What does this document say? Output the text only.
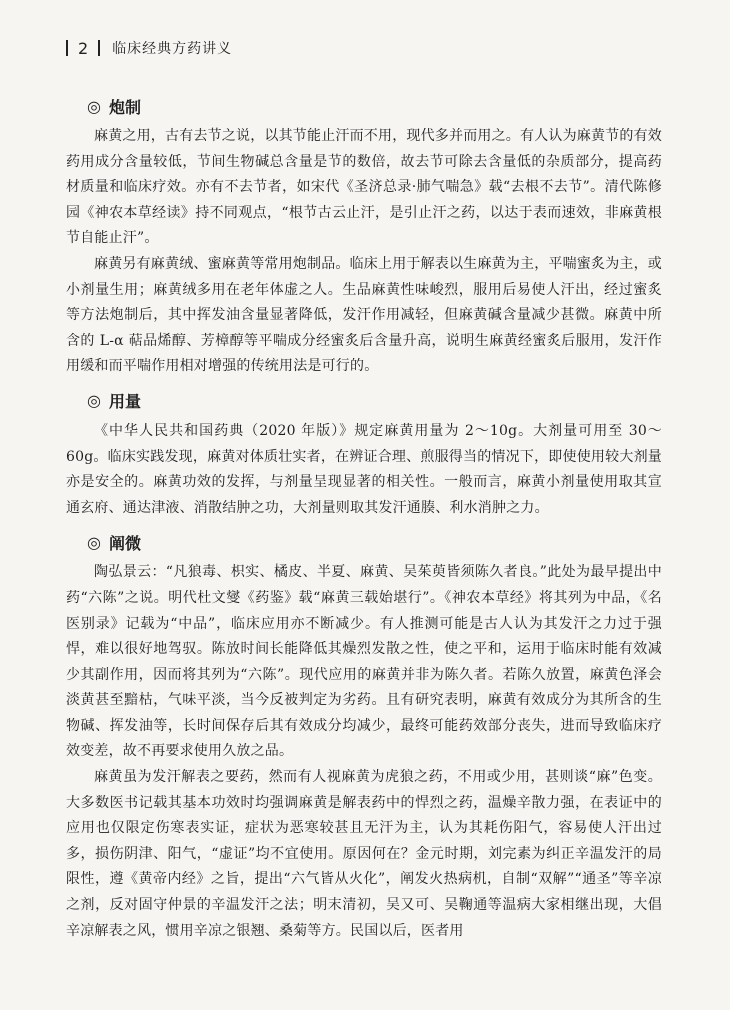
2 临床经典方药讲义
◎ 炮制

麻黄之用，古有去节之说，以其节能止汗而不用，现代多并而用之。有人认为麻黄节的有效药用成分含量较低，节间生物碱总含量是节的数倍，故去节可除去含量低的杂质部分，提高药材质量和临床疗效。亦有不去节者，如宋代《圣济总录·肺气喘急》载“去根不去节”。清代陈修园《神农本草经读》持不同观点，“根节古云止汗，是引止汗之药，以达于表而速效，非麻黄根节自能止汗”。

麻黄另有麻黄绒、蜜麻黄等常用炮制品。临床上用于解表以生麻黄为主，平喘蜜炙为主，或小剂量生用；麻黄绒多用在老年体虚之人。生品麻黄性味峻烈，服用后易使人汗出，经过蜜炙等方法炮制后，其中挥发油含量显著降低，发汗作用减轻，但麻黄碱含量减少甚微。麻黄中所含的 L-α 萜品烯醇、芳樟醇等平喘成分经蜜炙后含量升高，说明生麻黄经蜜炙后服用，发汗作用缓和而平喘作用相对增强的传统用法是可行的。

◎ 用量

《中华人民共和国药典（2020 年版）》规定麻黄用量为 2～10g。大剂量可用至 30～60g。临床实践发现，麻黄对体质壮实者，在辨证合理、煎服得当的情况下，即使使用较大剂量亦是安全的。麻黄功效的发挥，与剂量呈现显著的相关性。一般而言，麻黄小剂量使用取其宣通玄府、通达津液、消散结肿之功，大剂量则取其发汗通腠、利水消肿之力。

◎ 阐微

陶弘景云：“凡狼毒、枳实、橘皮、半夏、麻黄、吴茱萸皆须陈久者良。”此处为最早提出中药“六陈”之说。明代杜文燮《药鉴》载“麻黄三载始堪行”。《神农本草经》将其列为中品，《名医别录》记载为“中品”，临床应用亦不断减少。有人推测可能是古人认为其发汗之力过于强悍，难以很好地驾驭。陈放时间长能降低其燥烈发散之性，使之平和，运用于临床时能有效减少其副作用，因而将其列为“六陈”。现代应用的麻黄并非为陈久者。若陈久放置，麻黄色泽会淡黄甚至黯枯，气味平淡，当今反被判定为劣药。且有研究表明，麻黄有效成分为其所含的生物碱、挥发油等，长时间保存后其有效成分均减少，最终可能药效部分丧失，进而导致临床疗效变差，故不再要求使用久放之品。

麻黄虽为发汗解表之要药，然而有人视麻黄为虎狼之药，不用或少用，甚则谈“麻”色变。大多数医书记载其基本功效时均强调麻黄是解表药中的悍烈之药，温燥辛散力强，在表证中的应用也仅限定伤寒表实证，症状为恶寒较甚且无汗为主，认为其耗伤阳气，容易使人汗出过多，损伤阴津、阳气，“虚证”均不宜使用。原因何在？金元时期，刘完素为纠正辛温发汗的局限性，遵《黄帝内经》之旨，提出“六气皆从火化”，阐发火热病机，自制“双解”“通圣”等辛凉之剂，反对固守仲景的辛温发汗之法；明末清初，吴又可、吴鞠通等温病大家相继出现，大倡辛凉解表之风，惯用辛凉之银翘、桑菊等方。民国以后，医者用
